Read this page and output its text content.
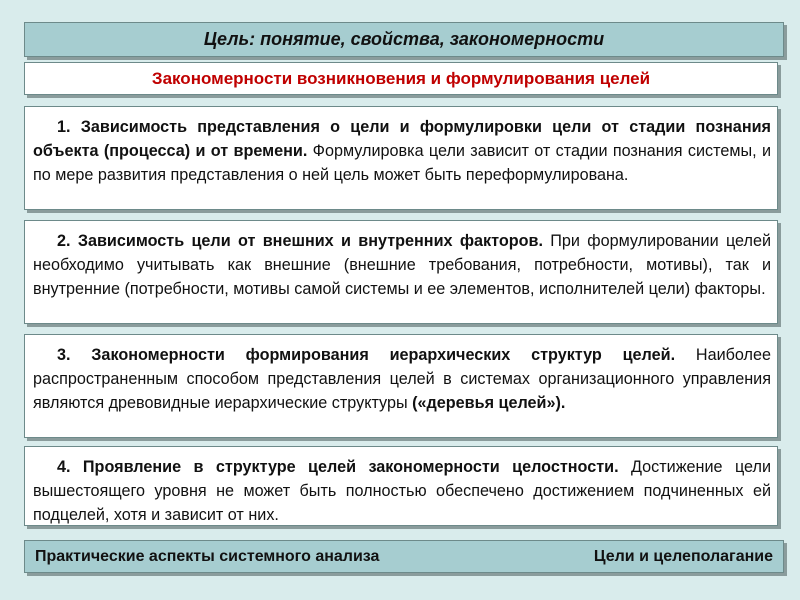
Цель: понятие, свойства, закономерности
Закономерности возникновения и формулирования целей
1. Зависимость представления о цели и формулировки цели от стадии познания объекта (процесса) и от времени. Формулировка цели зависит от стадии познания системы, и по мере развития представления о ней цель может быть переформулирована.
2. Зависимость цели от внешних и внутренних факторов. При формулировании целей необходимо учитывать как внешние (внешние требования, потребности, мотивы), так и внутренние (потребности, мотивы самой системы и ее элементов, исполнителей цели) факторы.
3. Закономерности формирования иерархических структур целей. Наиболее распространенным способом представления целей в системах организационного управления являются древовидные иерархические структуры («деревья целей»).
4. Проявление в структуре целей закономерности целостности. Достижение цели вышестоящего уровня не может быть полностью обеспечено достижением подчиненных ей подцелей, хотя и зависит от них.
Практические аспекты системного анализа	Цели и целеполагание
